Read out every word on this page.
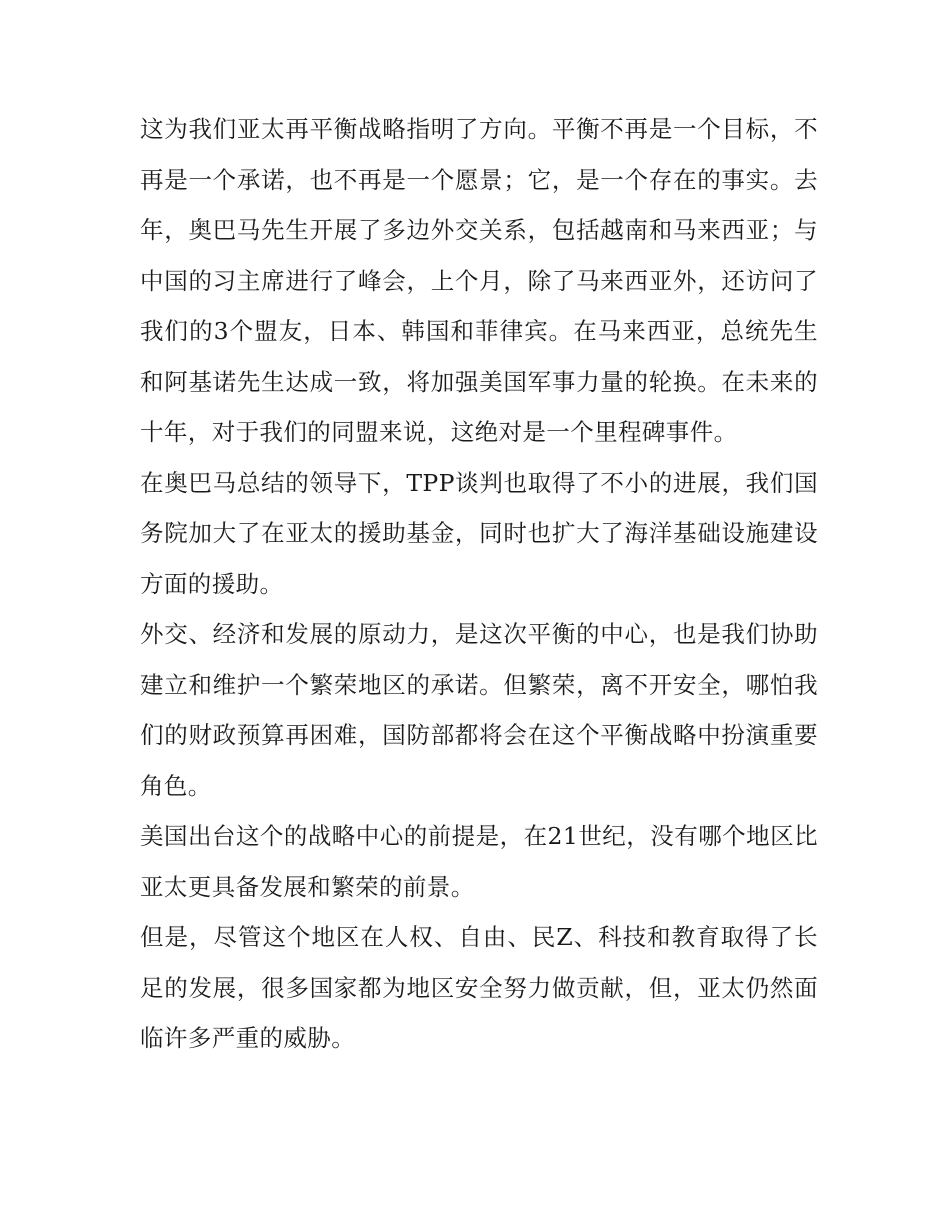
这为我们亚太再平衡战略指明了方向。平衡不再是一个目标，不再是一个承诺，也不再是一个愿景；它，是一个存在的事实。去年，奥巴马先生开展了多边外交关系，包括越南和马来西亚；与中国的习主席进行了峰会，上个月，除了马来西亚外，还访问了我们的3个盟友，日本、韩国和菲律宾。在马来西亚，总统先生和阿基诺先生达成一致，将加强美国军事力量的轮换。在未来的十年，对于我们的同盟来说，这绝对是一个里程碑事件。

在奥巴马总结的领导下，TPP谈判也取得了不小的进展，我们国务院加大了在亚太的援助基金，同时也扩大了海洋基础设施建设方面的援助。

外交、经济和发展的原动力，是这次平衡的中心，也是我们协助建立和维护一个繁荣地区的承诺。但繁荣，离不开安全，哪怕我们的财政预算再困难，国防部都将会在这个平衡战略中扮演重要角色。

美国出台这个的战略中心的前提是，在21世纪，没有哪个地区比亚太更具备发展和繁荣的前景。

但是，尽管这个地区在人权、自由、民Z、科技和教育取得了长足的发展，很多国家都为地区安全努力做贡献，但，亚太仍然面临许多严重的威胁。
